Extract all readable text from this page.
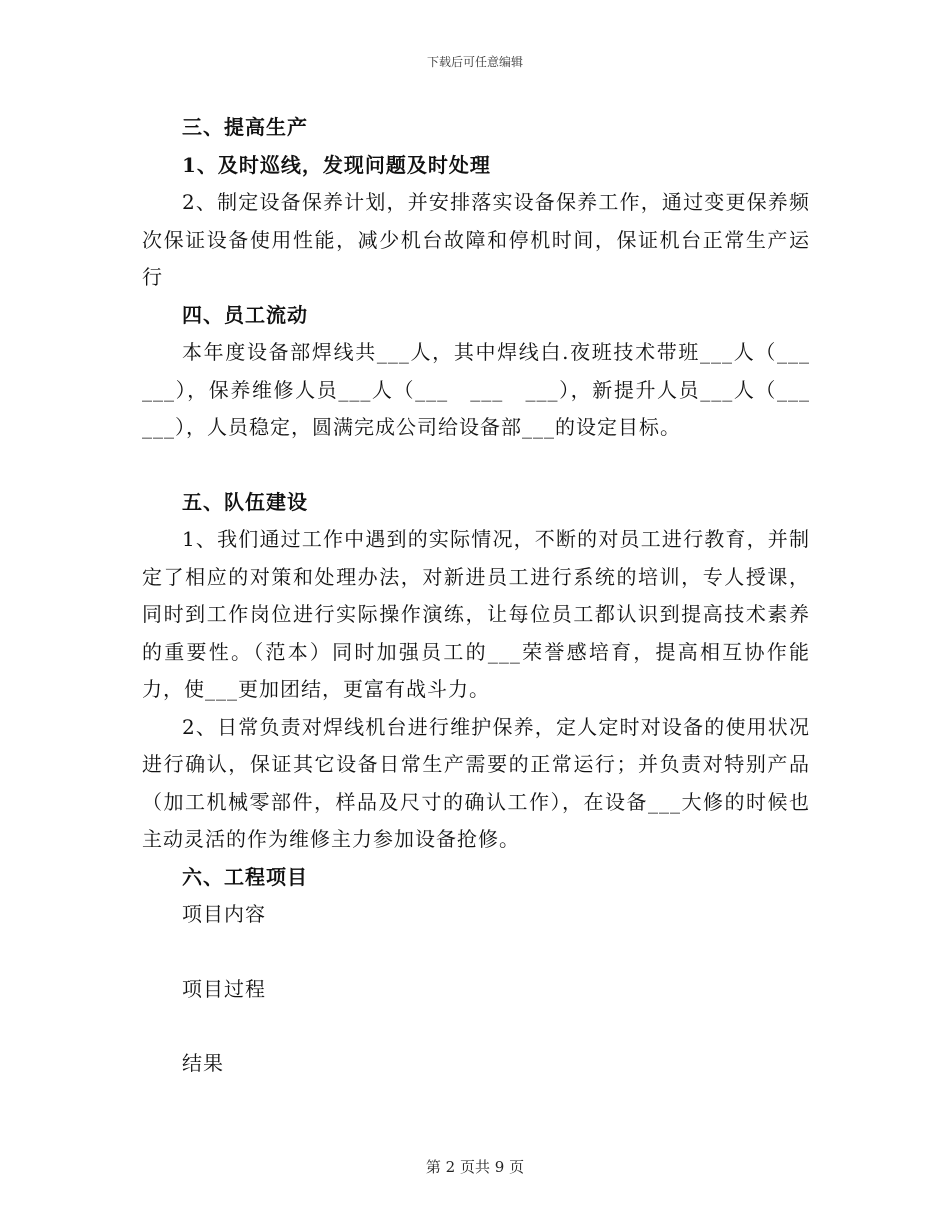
下载后可任意编辑

三、提高生产

1、及时巡线，发现问题及时处理

2、制定设备保养计划，并安排落实设备保养工作，通过变更保养频次保证设备使用性能，减少机台故障和停机时间，保证机台正常生产运行

四、员工流动

本年度设备部焊线共___人，其中焊线白.夜班技术带班___人（___　___），保养维修人员___人（___　___　___），新提升人员___人（___　___），人员稳定，圆满完成公司给设备部___的设定目标。

五、队伍建设

1、我们通过工作中遇到的实际情况，不断的对员工进行教育，并制定了相应的对策和处理办法，对新进员工进行系统的培训，专人授课，同时到工作岗位进行实际操作演练，让每位员工都认识到提高技术素养的重要性。（范本）同时加强员工的___荣誉感培育，提高相互协作能力，使___更加团结，更富有战斗力。

2、日常负责对焊线机台进行维护保养，定人定时对设备的使用状况进行确认，保证其它设备日常生产需要的正常运行；并负责对特别产品（加工机械零部件，样品及尺寸的确认工作），在设备___大修的时候也主动灵活的作为维修主力参加设备抢修。

六、工程项目

项目内容

项目过程

结果

第 2 页共 9 页
